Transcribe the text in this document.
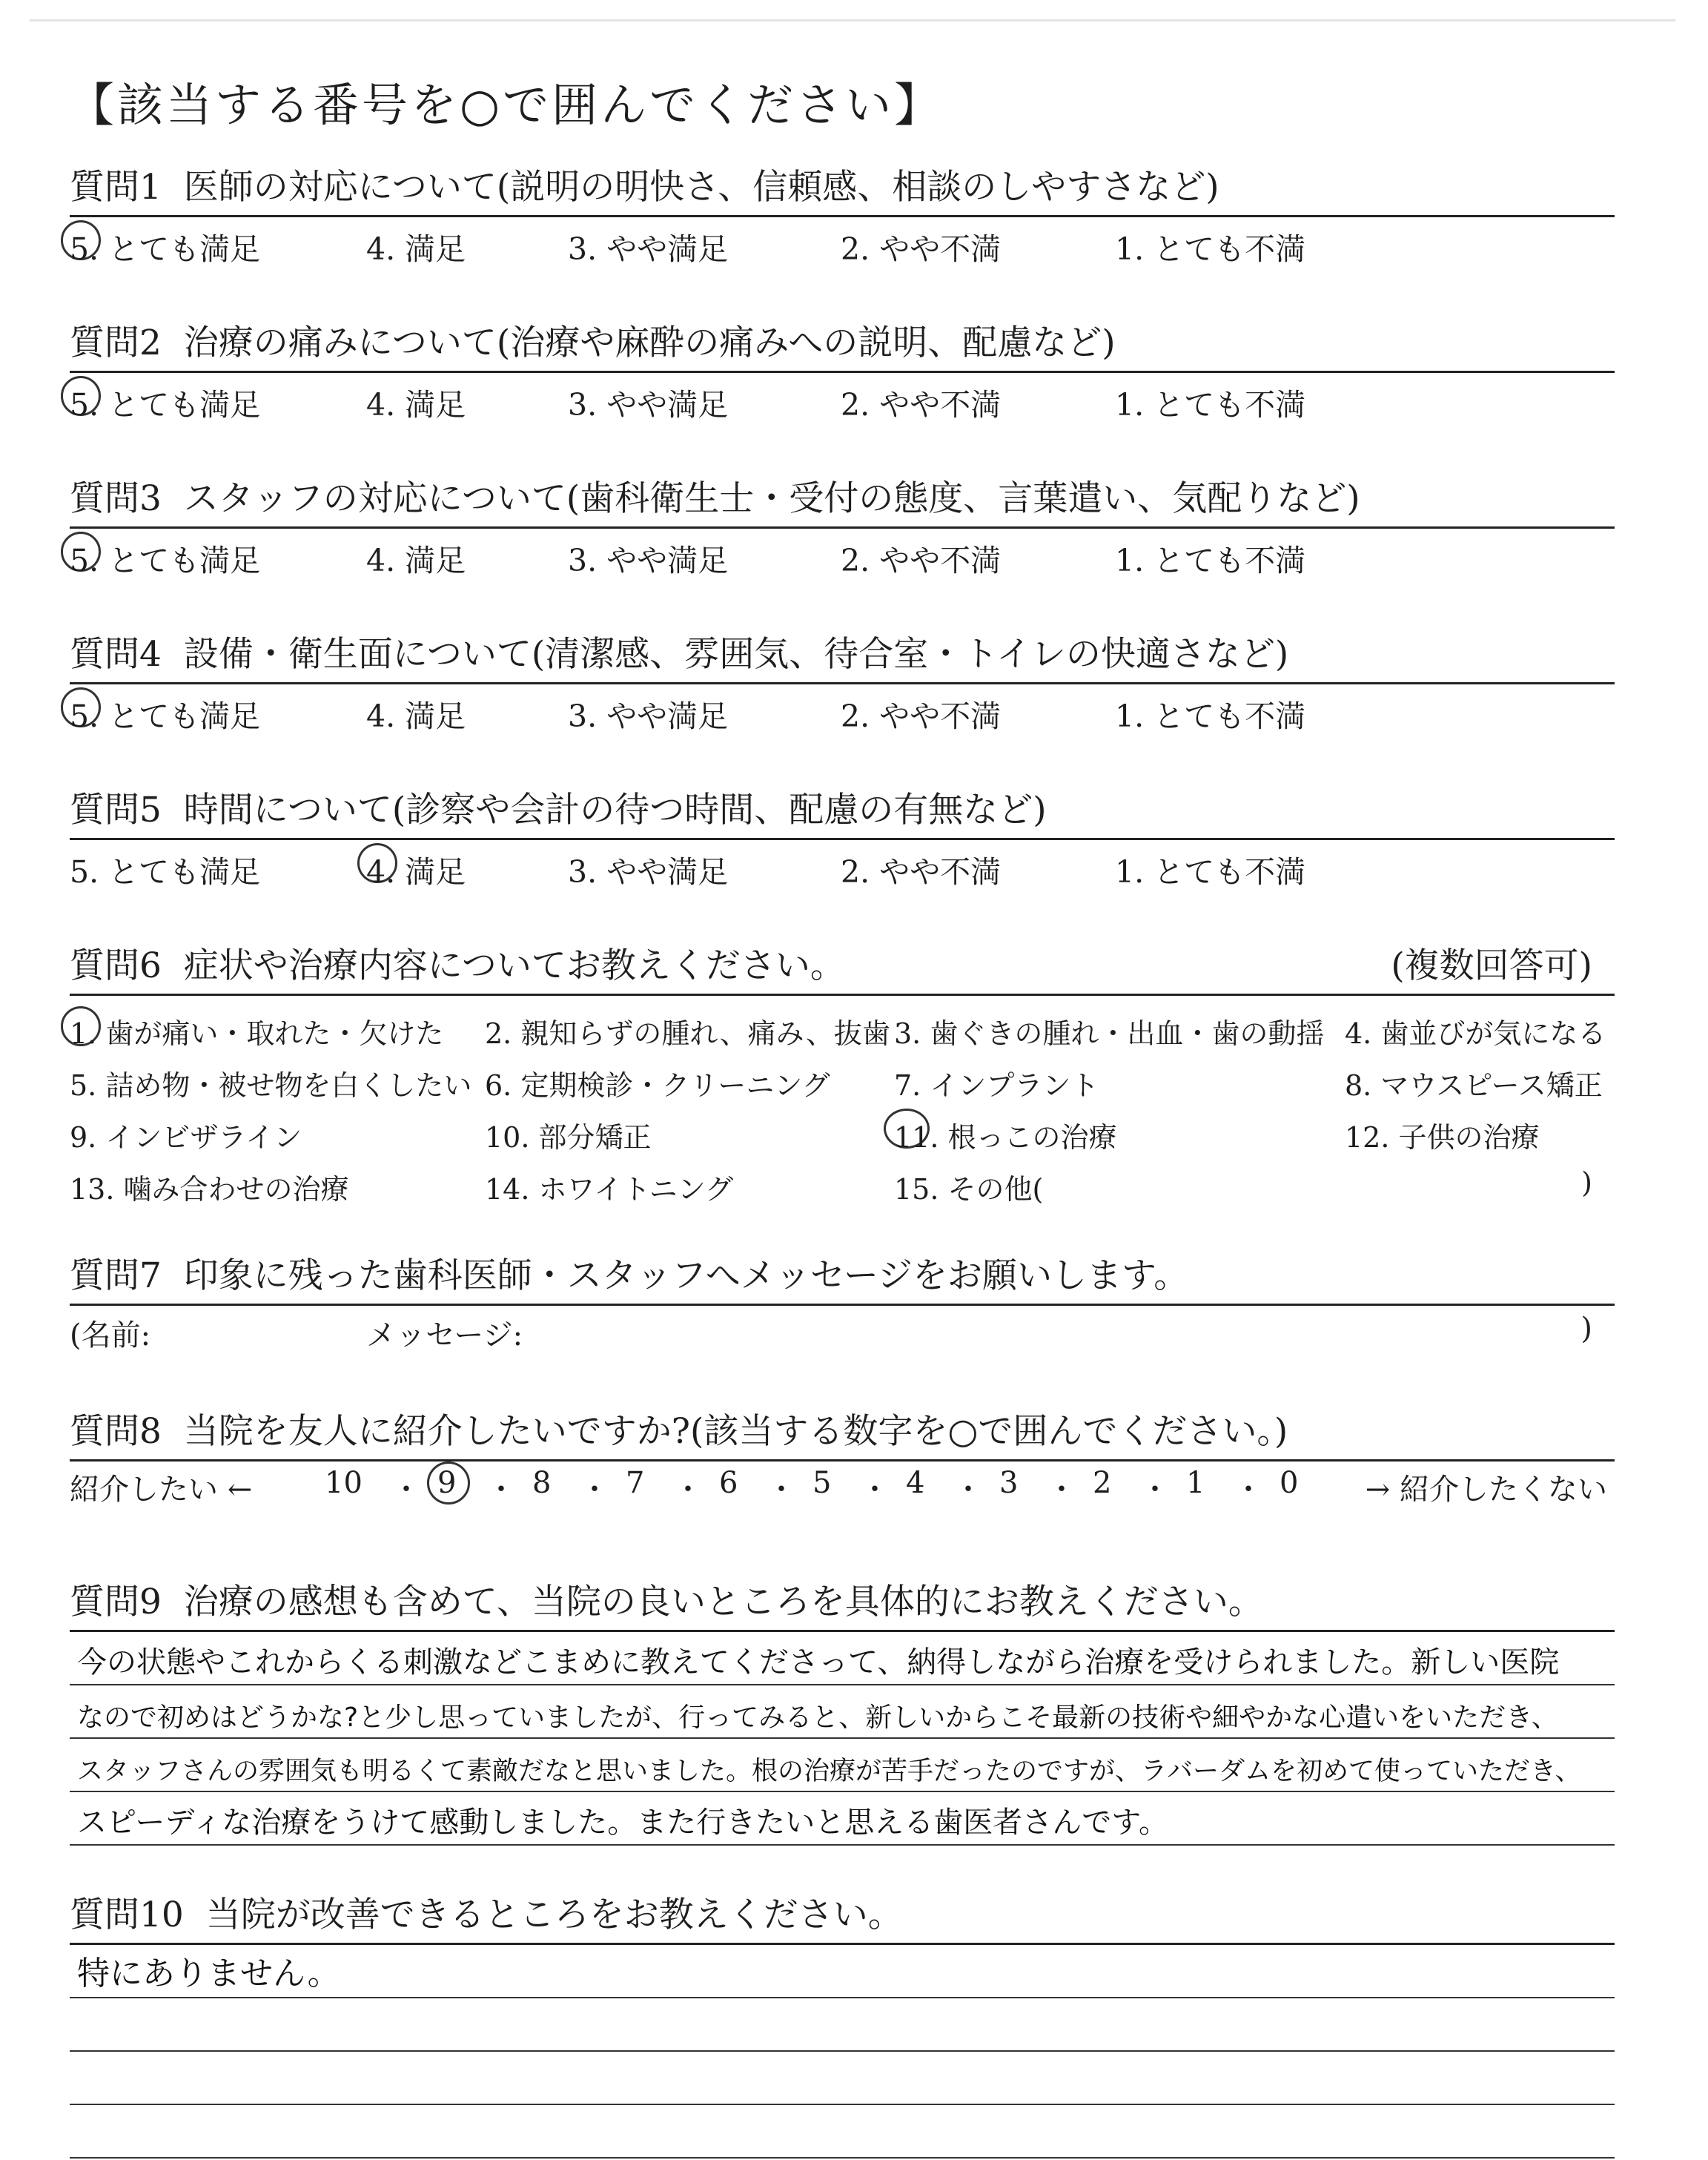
【該当する番号を○で囲んでください】
質問1 医師の対応について(説明の明快さ、信頼感、相談のしやすさなど)
5. とても満足	4. 満足	3. やや満足	2. やや不満	1. とても不満
質問2 治療の痛みについて(治療や麻酔の痛みへの説明、配慮など)
5. とても満足	4. 満足	3. やや満足	2. やや不満	1. とても不満
質問3 スタッフの対応について(歯科衛生士・受付の態度、言葉遣い、気配りなど)
5. とても満足	4. 満足	3. やや満足	2. やや不満	1. とても不満
質問4 設備・衛生面について(清潔感、雰囲気、待合室・トイレの快適さなど)
5. とても満足	4. 満足	3. やや満足	2. やや不満	1. とても不満
質問5 時間について(診察や会計の待つ時間、配慮の有無など)
5. とても満足	4. 満足	3. やや満足	2. やや不満	1. とても不満
質問6 症状や治療内容についてお教えください。	(複数回答可)
1. 歯が痛い・取れた・欠けた 2. 親知らずの腫れ、痛み、抜歯 3. 歯ぐきの腫れ・出血・歯の動揺 4. 歯並びが気になる
5. 詰め物・被せ物を白くしたい 6. 定期検診・クリーニング 7. インプラント	8. マウスピース矯正
9. インビザライン	10. 部分矯正	11. 根っこの治療	12. 子供の治療
13. 噛み合わせの治療	14. ホワイトニング	15. その他(	)
質問7 印象に残った歯科医師・スタッフへメッセージをお願いします。
(名前:	メッセージ:	)
質問8 当院を友人に紹介したいですか?(該当する数字を○で囲んでください。)
紹介したい ← 10 ・ 9 ・ 8 ・ 7 ・ 6 ・ 5 ・ 4 ・ 3 ・ 2 ・ 1 ・ 0 → 紹介したくない
質問9 治療の感想も含めて、当院の良いところを具体的にお教えください。
今の状態やこれからくる刺激などこまめに教えてくださって、納得しながら治療を受けられました。新しい医院
なので初めはどうかな?と少し思っていましたが、行ってみると、新しいからこそ最新の技術や細やかな心遣いをいただき、
スタッフさんの雰囲気も明るくて素敵だなと思いました。根の治療が苦手だったのですが、ラバーダムを初めて使っていただき、
スピーディな治療をうけて感動しました。また行きたいと思える歯医者さんです。
質問10 当院が改善できるところをお教えください。
特にありません。
